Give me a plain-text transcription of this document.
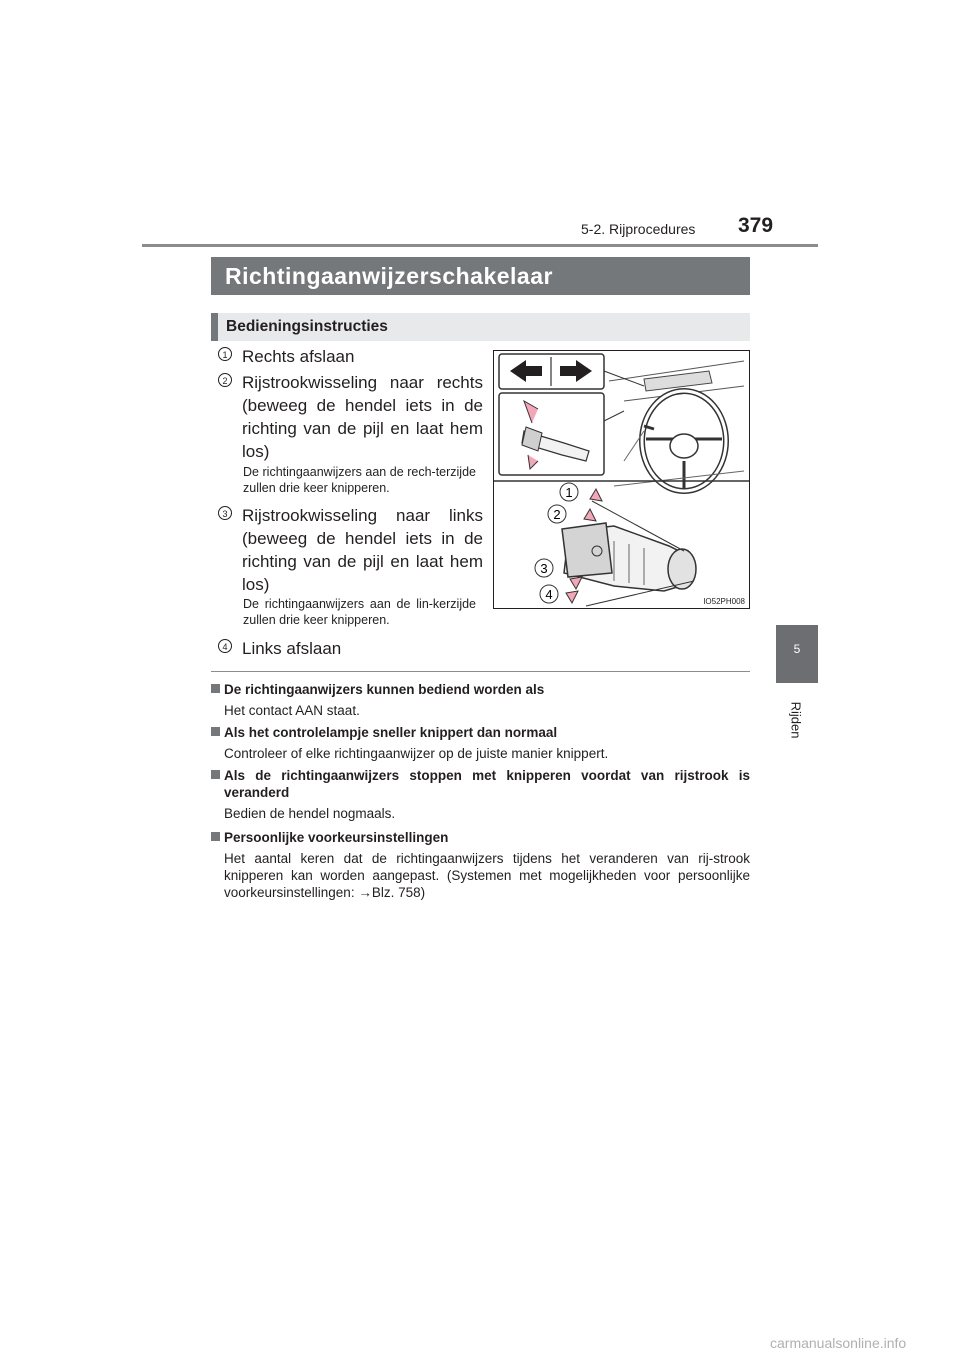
5-2. Rijprocedures 379
5
Rijden
Richtingaanwijzerschakelaar
Bedieningsinstructies
1 Rechts afslaan
2 Rijstrookwisseling naar rechts (beweeg de hendel iets in de richting van de pijl en laat hem los)
De richtingaanwijzers aan de rech-terzijde zullen drie keer knipperen.
3 Rijstrookwisseling naar links (beweeg de hendel iets in de richting van de pijl en laat hem los)
De richtingaanwijzers aan de lin-kerzijde zullen drie keer knipperen.
4 Links afslaan
1
2
3
4	IO52PH008
De richtingaanwijzers kunnen bediend worden als
Het contact AAN staat.
Als het controlelampje sneller knippert dan normaal
Controleer of elke richtingaanwijzer op de juiste manier knippert.
Als de richtingaanwijzers stoppen met knipperen voordat van rijstrook is veranderd
Bedien de hendel nogmaals.
Persoonlijke voorkeursinstellingen
Het aantal keren dat de richtingaanwijzers tijdens het veranderen van rij-strook knipperen kan worden aangepast. (Systemen met mogelijkheden voor persoonlijke voorkeursinstellingen: →Blz. 758)
carmanualsonline.info
